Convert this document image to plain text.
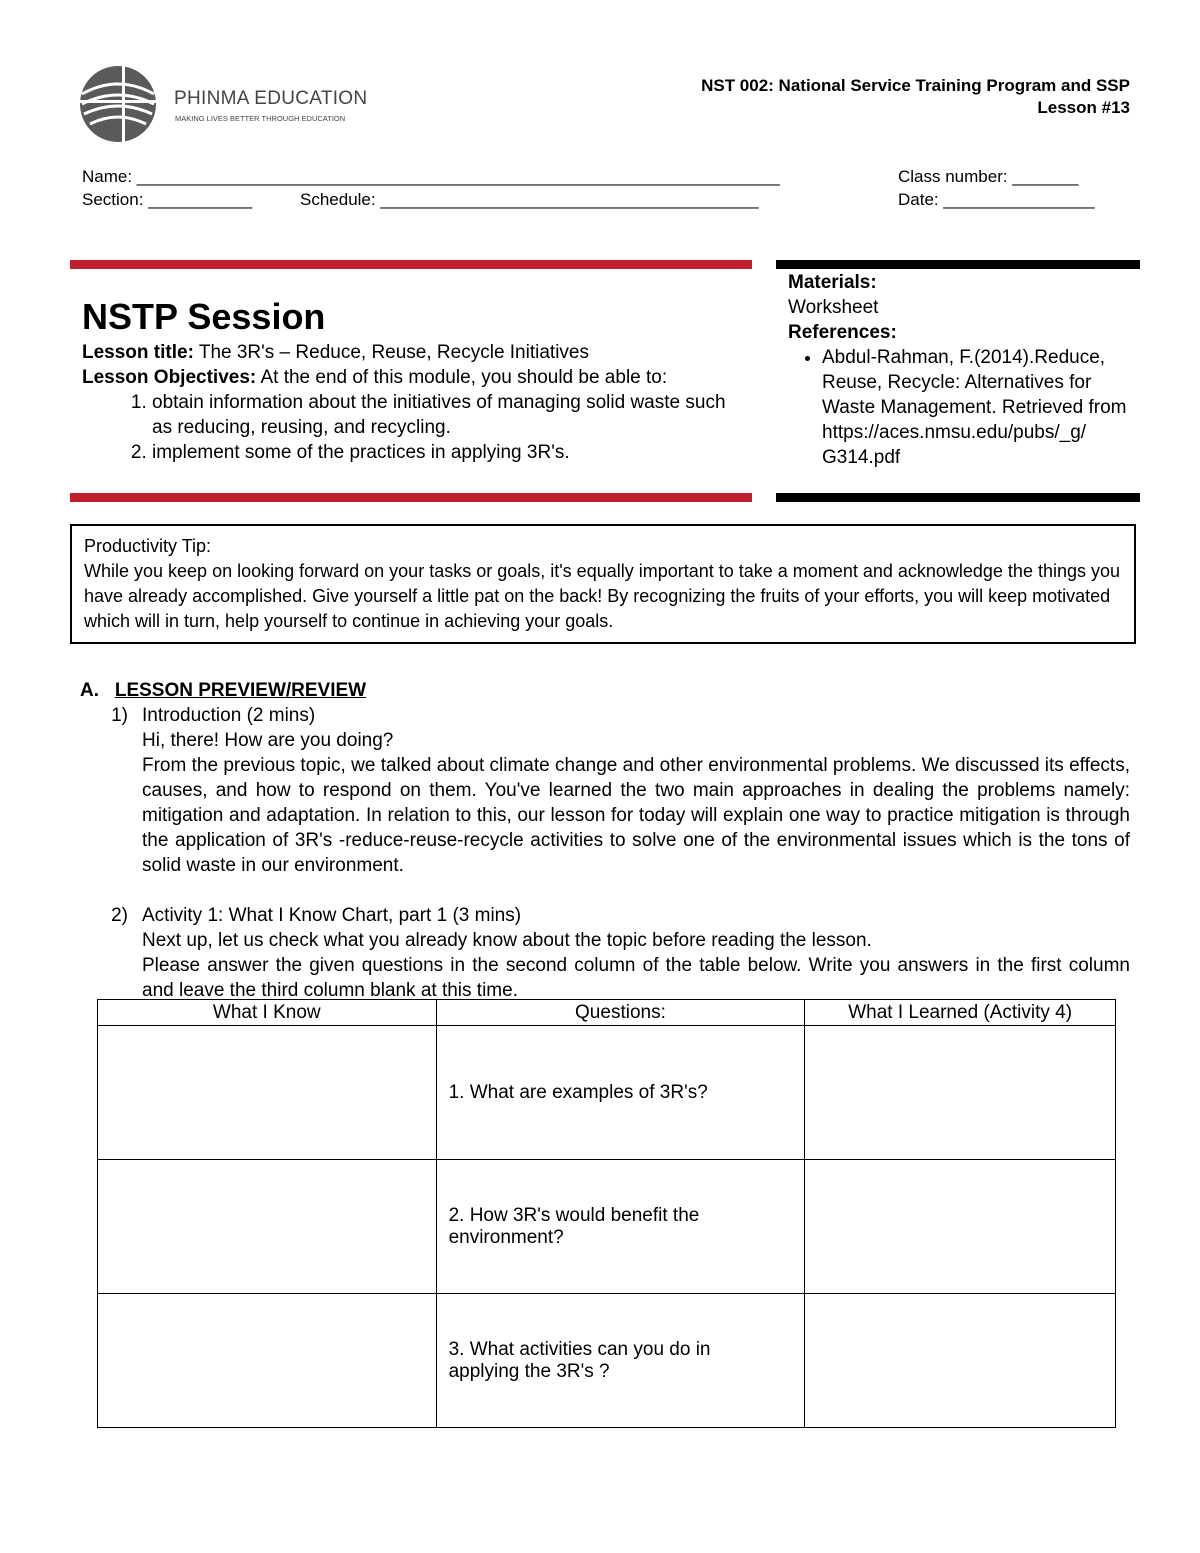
PHINMA EDUCATION
MAKING LIVES BETTER THROUGH EDUCATION
NST 002: National Service Training Program and SSP
Lesson #13
Name: ____________________________________________________________________	Class number: _______
Section: ___________	Schedule: ________________________________________	Date: ________________
NSTP Session
Lesson title: The 3R's – Reduce, Reuse, Recycle Initiatives
Lesson Objectives: At the end of this module, you should be able to:
1. obtain information about the initiatives of managing solid waste such as reducing, reusing, and recycling.
2. implement some of the practices in applying 3R's.
Materials:
Worksheet
References:
• Abdul-Rahman, F.(2014).Reduce, Reuse, Recycle: Alternatives for Waste Management. Retrieved from https://aces.nmsu.edu/pubs/_g/ G314.pdf
Productivity Tip:
While you keep on looking forward on your tasks or goals, it's equally important to take a moment and acknowledge the things you have already accomplished. Give yourself a little pat on the back! By recognizing the fruits of your efforts, you will keep motivated which will in turn, help yourself to continue in achieving your goals.
A. LESSON PREVIEW/REVIEW
1) Introduction (2 mins)
Hi, there! How are you doing?
From the previous topic, we talked about climate change and other environmental problems. We discussed its effects, causes, and how to respond on them. You've learned the two main approaches in dealing the problems namely: mitigation and adaptation. In relation to this, our lesson for today will explain one way to practice mitigation is through the application of 3R's -reduce-reuse-recycle activities to solve one of the environmental issues which is the tons of solid waste in our environment.
2) Activity 1: What I Know Chart, part 1 (3 mins)
Next up, let us check what you already know about the topic before reading the lesson.
Please answer the given questions in the second column of the table below. Write you answers in the first column and leave the third column blank at this time.
What I Know	Questions:	What I Learned (Activity 4)
	1. What are examples of 3R's?	
	2. How 3R's would benefit the environment?	
	3. What activities can you do in applying the 3R's ?	
